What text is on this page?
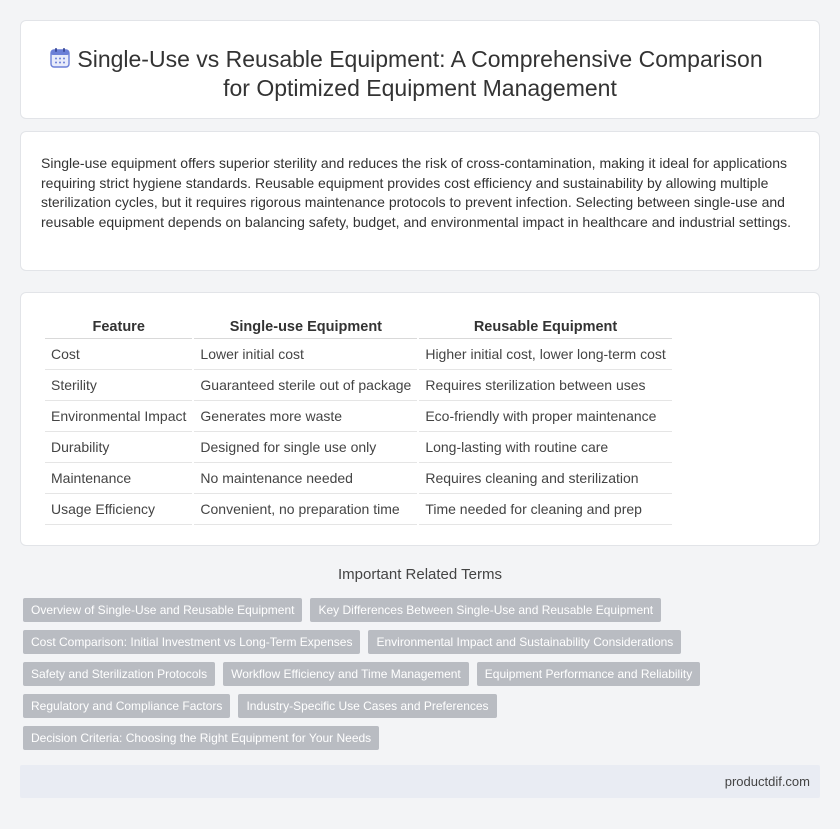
Single-Use vs Reusable Equipment: A Comprehensive Comparison for Optimized Equipment Management

Single-use equipment offers superior sterility and reduces the risk of cross-contamination, making it ideal for applications requiring strict hygiene standards. Reusable equipment provides cost efficiency and sustainability by allowing multiple sterilization cycles, but it requires rigorous maintenance protocols to prevent infection. Selecting between single-use and reusable equipment depends on balancing safety, budget, and environmental impact in healthcare and industrial settings.

Feature	Single-use Equipment	Reusable Equipment
Cost	Lower initial cost	Higher initial cost, lower long-term cost
Sterility	Guaranteed sterile out of package	Requires sterilization between uses
Environmental Impact	Generates more waste	Eco-friendly with proper maintenance
Durability	Designed for single use only	Long-lasting with routine care
Maintenance	No maintenance needed	Requires cleaning and sterilization
Usage Efficiency	Convenient, no preparation time	Time needed for cleaning and prep
Important Related Terms
Overview of Single-Use and Reusable Equipment	Key Differences Between Single-Use and Reusable Equipment
Cost Comparison: Initial Investment vs Long-Term Expenses	Environmental Impact and Sustainability Considerations
Safety and Sterilization Protocols	Workflow Efficiency and Time Management	Equipment Performance and Reliability
Regulatory and Compliance Factors	Industry-Specific Use Cases and Preferences
Decision Criteria: Choosing the Right Equipment for Your Needs
productdif.com
